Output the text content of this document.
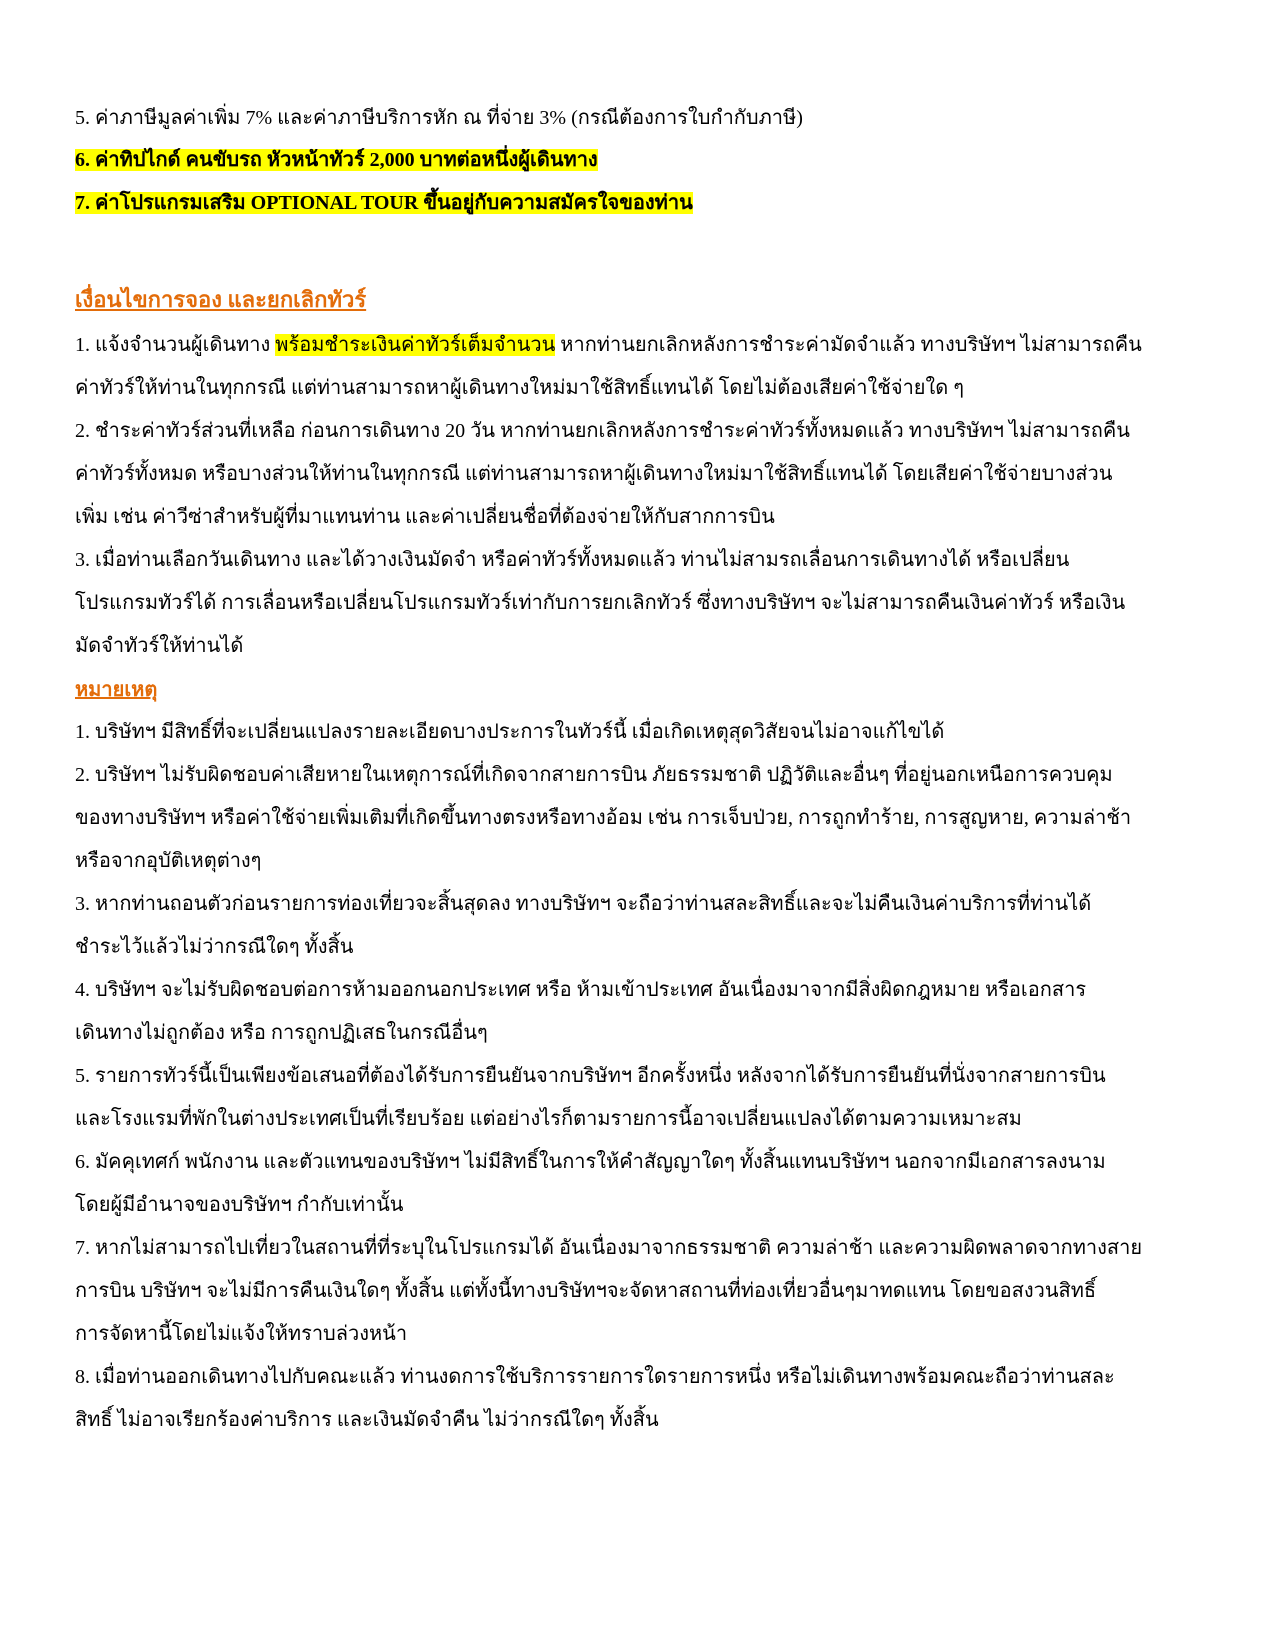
5. ค่าภาษีมูลค่าเพิ่ม 7% และค่าภาษีบริการหัก ณ ที่จ่าย 3% (กรณีต้องการใบกำกับภาษี)
6. ค่าทิปไกด์ คนขับรถ หัวหน้าทัวร์ 2,000 บาทต่อหนึ่งผู้เดินทาง
7. ค่าโปรแกรมเสริม OPTIONAL TOUR ขึ้นอยู่กับความสมัครใจของท่าน
เงื่อนไขการจอง และยกเลิกทัวร์
1. แจ้งจำนวนผู้เดินทาง พร้อมชำระเงินค่าทัวร์เต็มจำนวน หากท่านยกเลิกหลังการชำระค่ามัดจำแล้ว ทางบริษัทฯ ไม่สามารถคืน
ค่าทัวร์ให้ท่านในทุกกรณี แต่ท่านสามารถหาผู้เดินทางใหม่มาใช้สิทธิ์แทนได้ โดยไม่ต้องเสียค่าใช้จ่ายใด ๆ
2. ชำระค่าทัวร์ส่วนที่เหลือ ก่อนการเดินทาง 20 วัน หากท่านยกเลิกหลังการชำระค่าทัวร์ทั้งหมดแล้ว ทางบริษัทฯ ไม่สามารถคืน
ค่าทัวร์ทั้งหมด หรือบางส่วนให้ท่านในทุกกรณี แต่ท่านสามารถหาผู้เดินทางใหม่มาใช้สิทธิ์แทนได้ โดยเสียค่าใช้จ่ายบางส่วน
เพิ่ม เช่น ค่าวีซ่าสำหรับผู้ที่มาแทนท่าน และค่าเปลี่ยนชื่อที่ต้องจ่ายให้กับสากการบิน
3. เมื่อท่านเลือกวันเดินทาง และได้วางเงินมัดจำ หรือค่าทัวร์ทั้งหมดแล้ว ท่านไม่สามรถเลื่อนการเดินทางได้ หรือเปลี่ยน
โปรแกรมทัวร์ได้ การเลื่อนหรือเปลี่ยนโปรแกรมทัวร์เท่ากับการยกเลิกทัวร์ ซึ่งทางบริษัทฯ จะไม่สามารถคืนเงินค่าทัวร์ หรือเงิน
มัดจำทัวร์ให้ท่านได้
หมายเหตุ
1. บริษัทฯ มีสิทธิ์ที่จะเปลี่ยนแปลงรายละเอียดบางประการในทัวร์นี้ เมื่อเกิดเหตุสุดวิสัยจนไม่อาจแก้ไขได้
2. บริษัทฯ ไม่รับผิดชอบค่าเสียหายในเหตุการณ์ที่เกิดจากสายการบิน ภัยธรรมชาติ ปฏิวัติและอื่นๆ ที่อยู่นอกเหนือการควบคุม
ของทางบริษัทฯ หรือค่าใช้จ่ายเพิ่มเติมที่เกิดขึ้นทางตรงหรือทางอ้อม เช่น การเจ็บป่วย, การถูกทำร้าย, การสูญหาย, ความล่าช้า
หรือจากอุบัติเหตุต่างๆ
3. หากท่านถอนตัวก่อนรายการท่องเที่ยวจะสิ้นสุดลง ทางบริษัทฯ จะถือว่าท่านสละสิทธิ์และจะไม่คืนเงินค่าบริการที่ท่านได้
ชำระไว้แล้วไม่ว่ากรณีใดๆ ทั้งสิ้น
4. บริษัทฯ จะไม่รับผิดชอบต่อการห้ามออกนอกประเทศ หรือ ห้ามเข้าประเทศ อันเนื่องมาจากมีสิ่งผิดกฎหมาย หรือเอกสาร
เดินทางไม่ถูกต้อง หรือ การถูกปฏิเสธในกรณีอื่นๆ
5. รายการทัวร์นี้เป็นเพียงข้อเสนอที่ต้องได้รับการยืนยันจากบริษัทฯ อีกครั้งหนึ่ง หลังจากได้รับการยืนยันที่นั่งจากสายการบิน
และโรงแรมที่พักในต่างประเทศเป็นที่เรียบร้อย แต่อย่างไรก็ตามรายการนี้อาจเปลี่ยนแปลงได้ตามความเหมาะสม
6. มัคคุเทศก์ พนักงาน และตัวแทนของบริษัทฯ ไม่มีสิทธิ์ในการให้คำสัญญาใดๆ ทั้งสิ้นแทนบริษัทฯ นอกจากมีเอกสารลงนาม
โดยผู้มีอำนาจของบริษัทฯ กำกับเท่านั้น
7. หากไม่สามารถไปเที่ยวในสถานที่ที่ระบุในโปรแกรมได้ อันเนื่องมาจากธรรมชาติ ความล่าช้า และความผิดพลาดจากทางสาย
การบิน บริษัทฯ จะไม่มีการคืนเงินใดๆ ทั้งสิ้น แต่ทั้งนี้ทางบริษัทฯจะจัดหาสถานที่ท่องเที่ยวอื่นๆมาทดแทน โดยขอสงวนสิทธิ์
การจัดหานี้โดยไม่แจ้งให้ทราบล่วงหน้า
8. เมื่อท่านออกเดินทางไปกับคณะแล้ว ท่านงดการใช้บริการรายการใดรายการหนึ่ง หรือไม่เดินทางพร้อมคณะถือว่าท่านสละ
สิทธิ์ ไม่อาจเรียกร้องค่าบริการ และเงินมัดจำคืน ไม่ว่ากรณีใดๆ ทั้งสิ้น
